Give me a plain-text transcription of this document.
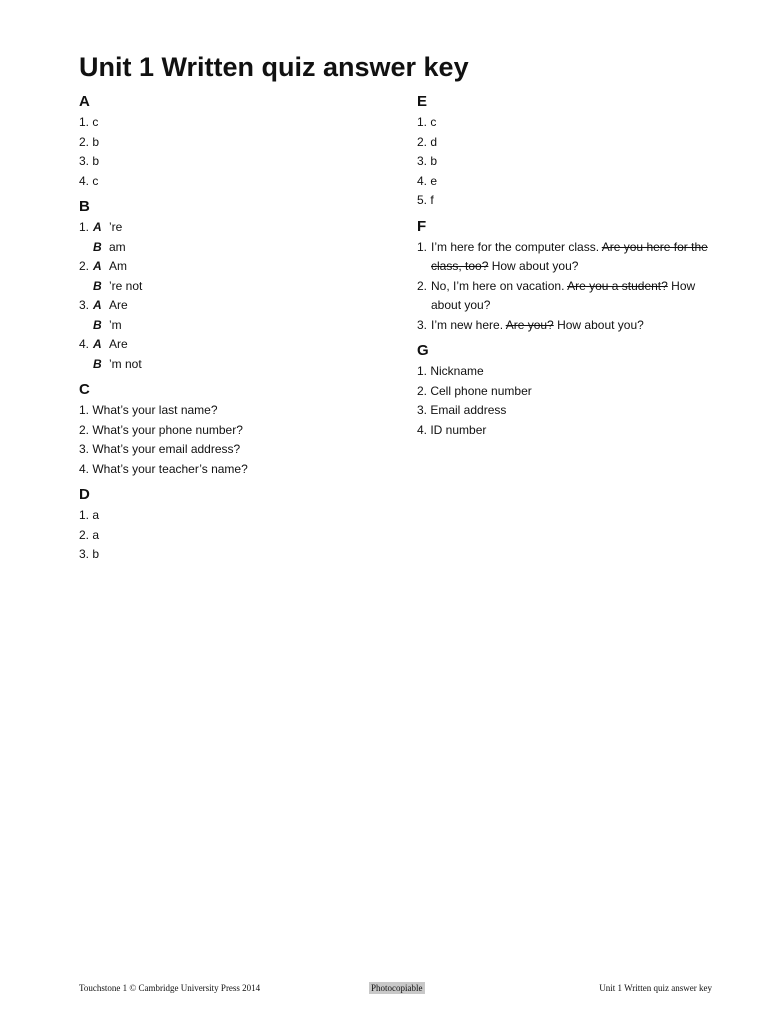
Unit 1 Written quiz answer key
A
1. c
2. b
3. b
4. c
B
1. A ’re
B am
2. A Am
B ’re not
3. A Are
B ’m
4. A Are
B ’m not
C
1. What’s your last name?
2. What’s your phone number?
3. What’s your email address?
4. What’s your teacher’s name?
D
1. a
2. a
3. b
E
1. c
2. d
3. b
4. e
5. f
F
1. I’m here for the computer class. Are you here for the class, too? How about you?
2. No, I’m here on vacation. Are you a student? How about you?
3. I’m new here. Are you? How about you?
G
1. Nickname
2. Cell phone number
3. Email address
4. ID number
Touchstone 1 © Cambridge University Press 2014	Photocopiable	Unit 1 Written quiz answer key
